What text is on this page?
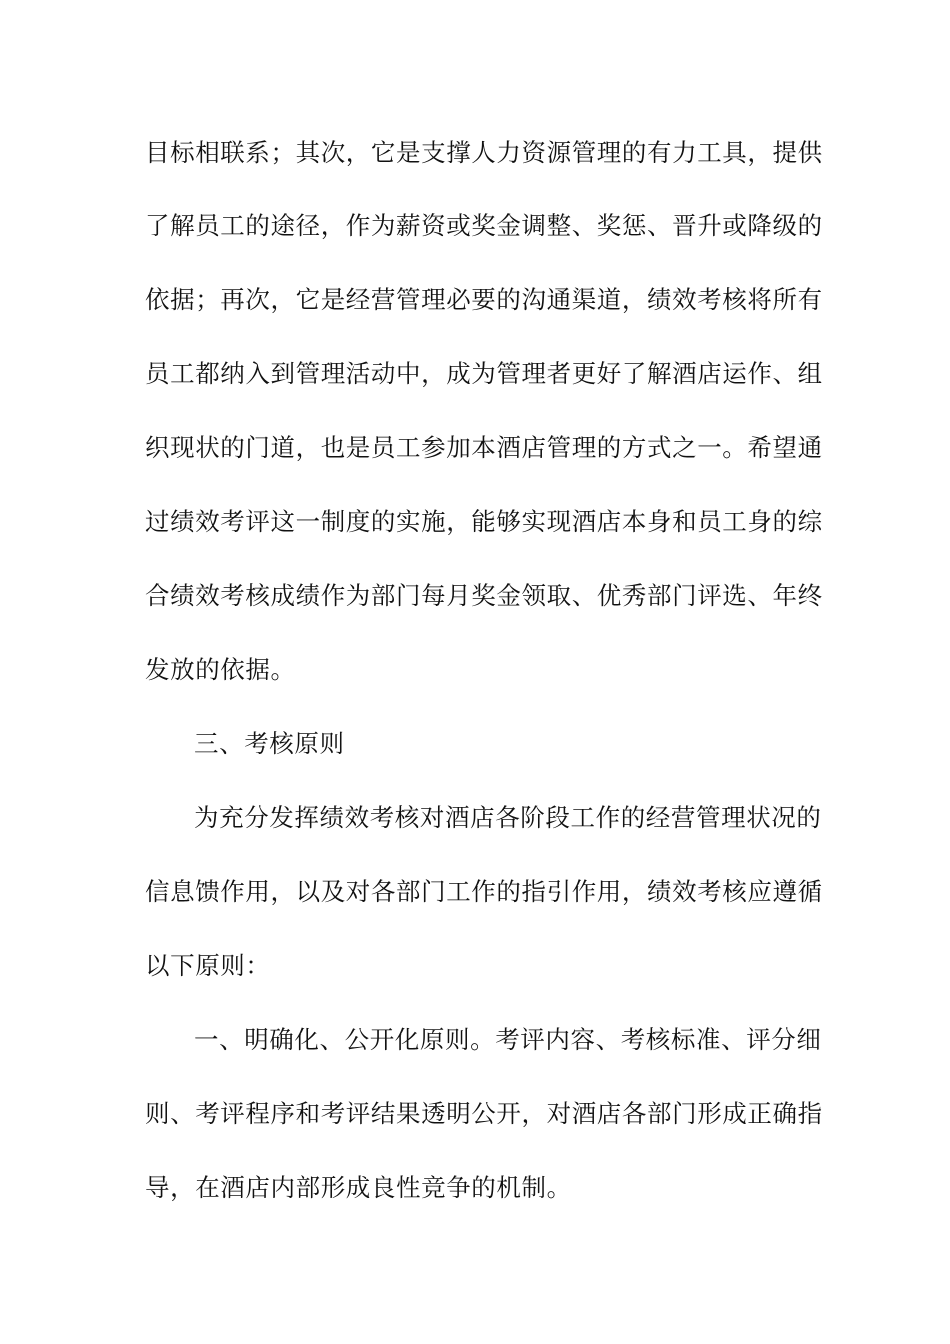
目标相联系；其次，它是支撑人力资源管理的有力工具，提供
了解员工的途径，作为薪资或奖金调整、奖惩、晋升或降级的
依据；再次，它是经营管理必要的沟通渠道，绩效考核将所有
员工都纳入到管理活动中，成为管理者更好了解酒店运作、组
织现状的门道，也是员工参加本酒店管理的方式之一。希望通
过绩效考评这一制度的实施，能够实现酒店本身和员工身的综
合绩效考核成绩作为部门每月奖金领取、优秀部门评选、年终
发放的依据。
三、考核原则
为充分发挥绩效考核对酒店各阶段工作的经营管理状况的
信息馈作用，以及对各部门工作的指引作用，绩效考核应遵循
以下原则：
一、明确化、公开化原则。考评内容、考核标准、评分细
则、考评程序和考评结果透明公开，对酒店各部门形成正确指
导，在酒店内部形成良性竞争的机制。
